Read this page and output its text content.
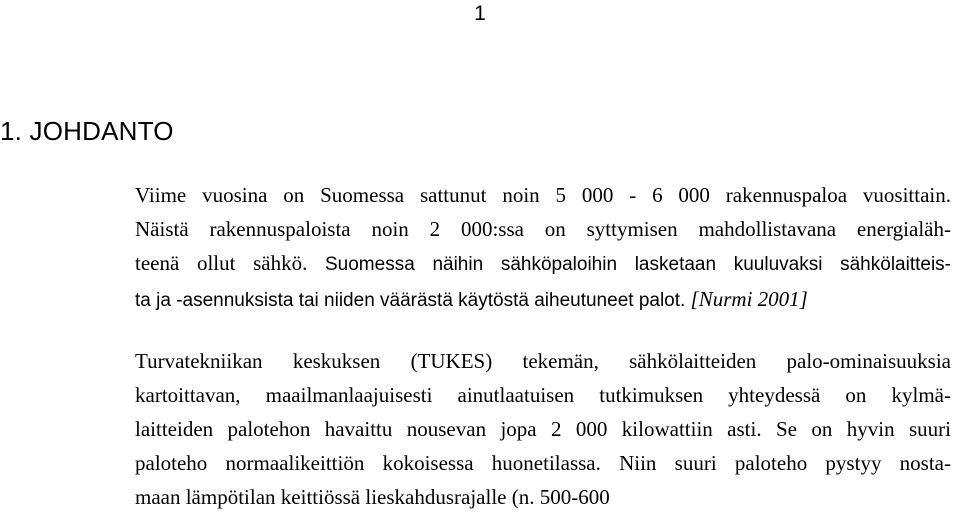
1
1. JOHDANTO
Viime vuosina on Suomessa sattunut noin 5 000 - 6 000 rakennuspaloa vuosittain.
Näistä rakennuspaloista noin 2 000:ssa on syttymisen mahdollistavana energialäh-
teenä ollut sähkö. Suomessa näihin sähköpaloihin lasketaan kuuluvaksi sähkölaitteis-
ta ja -asennuksista tai niiden väärästä käytöstä aiheutuneet palot. [Nurmi 2001]
Turvatekniikan keskuksen (TUKES) tekemän, sähkölaitteiden palo-ominaisuuksia
kartoittavan, maailmanlaajuisesti ainutlaatuisen tutkimuksen yhteydessä on kylmä-
laitteiden palotehon havaittu nousevan jopa 2 000 kilowattiin asti. Se on hyvin suuri
paloteho normaalikeittiön kokoisessa huonetilassa. Niin suuri paloteho pystyy nosta-
maan lämpötilan keittiössä lieskahdusrajalle (n. 500-600
